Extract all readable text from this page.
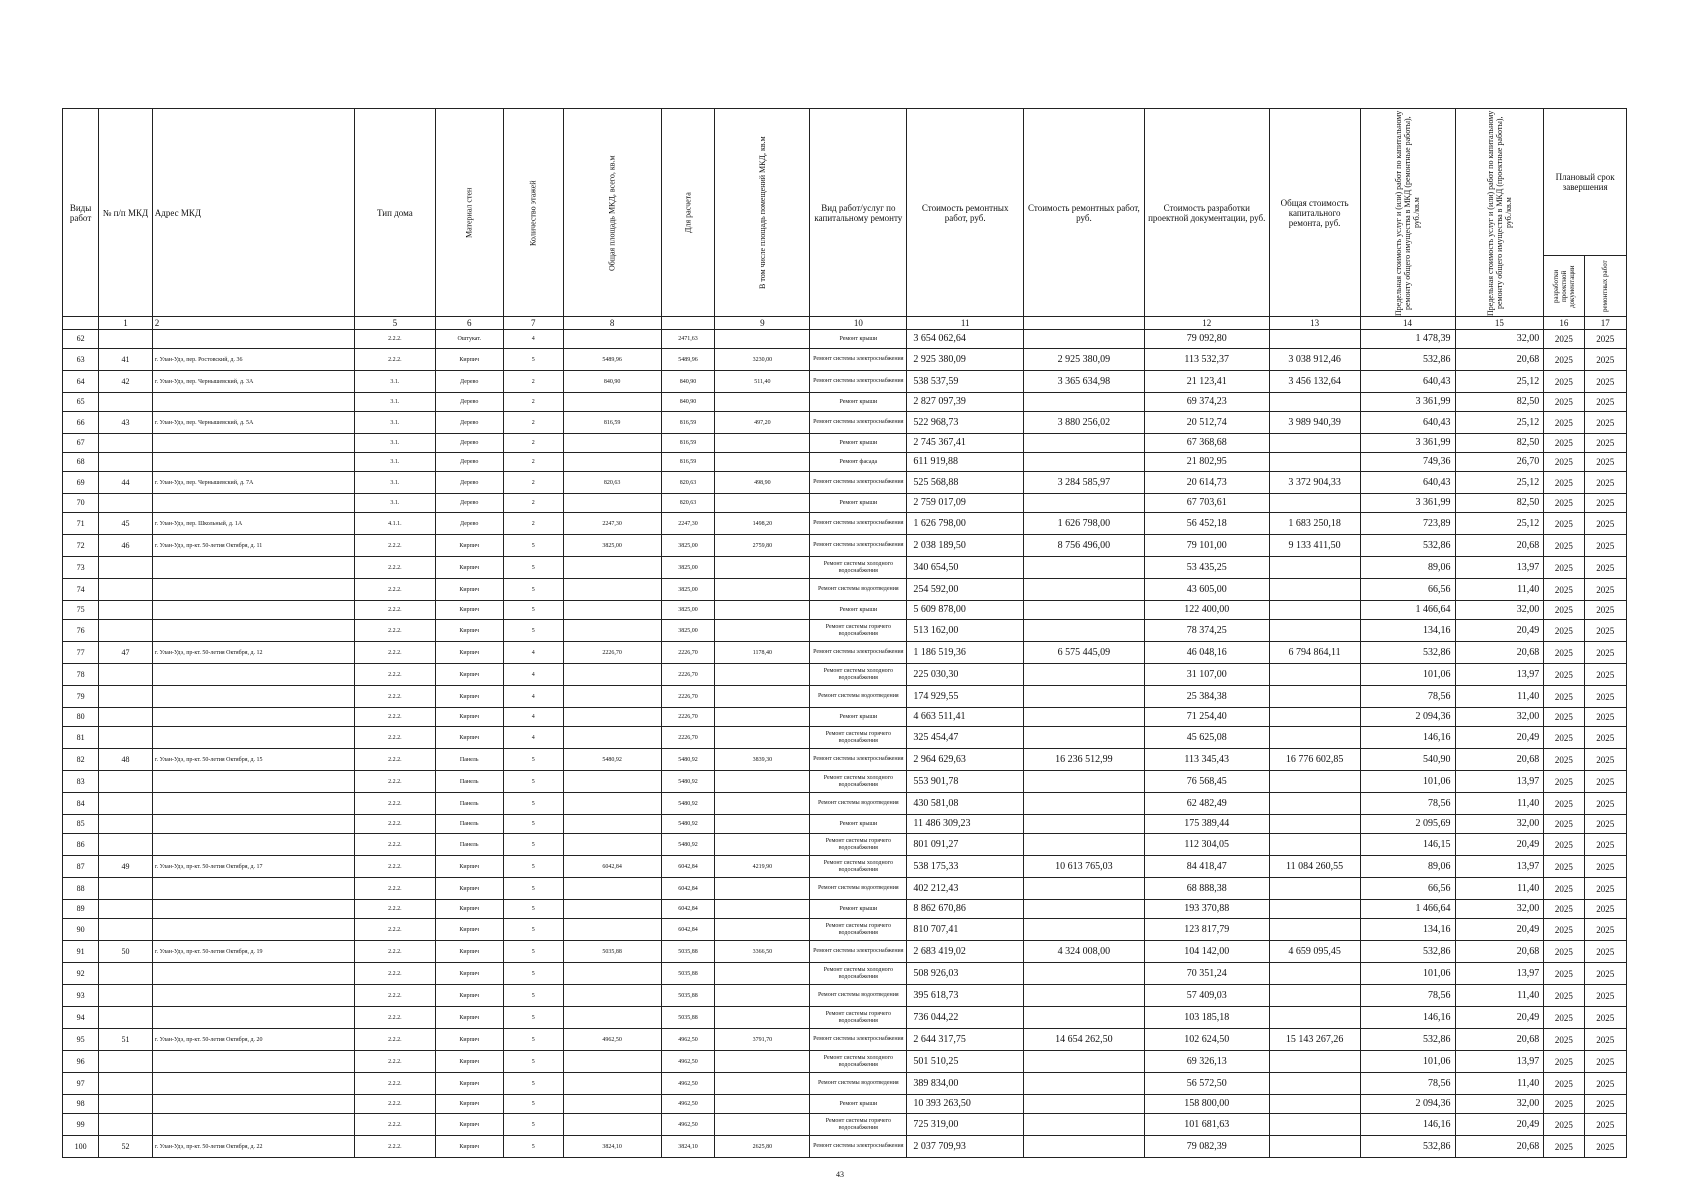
Виды работ	№ п/п МКД	Адрес МКД	Тип дома	Материал стен	Количество этажей	Общая площадь МКД, всего, кв.м	Для расчета	В том числе площадь помещений МКД, кв.м	Вид работ/услуг по капитальному ремонту	Стоимость ремонтных работ, руб.	Стоимость ремонтных работ, руб.	Стоимость разработки проектной документации, руб.	Общая стоимость капитального ремонта, руб.	Предельная стоимость услуг и (или) работ по капитальному ремонту общего имущества в МКД (ремонтные работы), руб./кв.м	Предельная стоимость услуг и (или) работ по капитальному ремонту общего имущества в МКД (проектные работы), руб./кв.м	Плановый срок завершения	
																разработки проектной документации	ремонтных работ
	1	2	5	6	7	8		9	10	11		12	13	14	15	16	17
62			2.2.2.	Оштукат.	4		2471,63		Ремонт крыши	3 654 062,64		79 092,80		1 478,39	32,00	2025	2025
63	41	г. Улан-Удэ, пер. Ростовский, д. 36	2.2.2.	Кирпич	5	5489,96	5489,96	3230,00	Ремонт системы электроснабжения	2 925 380,09	2 925 380,09	113 532,37	3 038 912,46	532,86	20,68	2025	2025
64	42	г. Улан-Удэ, пер. Чернышевский, д. 3А	3.1.	Дерево	2	840,90	840,90	511,40	Ремонт системы электроснабжения	538 537,59	3 365 634,98	21 123,41	3 456 132,64	640,43	25,12	2025	2025
65			3.1.	Дерево	2		840,90		Ремонт крыши	2 827 097,39		69 374,23		3 361,99	82,50	2025	2025
66	43	г. Улан-Удэ, пер. Чернышевский, д. 5А	3.1.	Дерево	2	816,59	816,59	497,20	Ремонт системы электроснабжения	522 968,73	3 880 256,02	20 512,74	3 989 940,39	640,43	25,12	2025	2025
67			3.1.	Дерево	2		816,59		Ремонт крыши	2 745 367,41		67 368,68		3 361,99	82,50	2025	2025
68			3.1.	Дерево	2		816,59		Ремонт фасада	611 919,88		21 802,95		749,36	26,70	2025	2025
69	44	г. Улан-Удэ, пер. Чернышевский, д. 7А	3.1.	Дерево	2	820,63	820,63	498,90	Ремонт системы электроснабжения	525 568,88	3 284 585,97	20 614,73	3 372 904,33	640,43	25,12	2025	2025
70			3.1.	Дерево	2		820,63		Ремонт крыши	2 759 017,09		67 703,61		3 361,99	82,50	2025	2025
71	45	г. Улан-Удэ, пер. Школьный, д. 1А	4.1.1.	Дерево	2	2247,30	2247,30	1498,20	Ремонт системы электроснабжения	1 626 798,00	1 626 798,00	56 452,18	1 683 250,18	723,89	25,12	2025	2025
72	46	г. Улан-Удэ, пр-кт. 50-летия Октября, д. 11	2.2.2.	Кирпич	5	3825,00	3825,00	2759,80	Ремонт системы электроснабжения	2 038 189,50	8 756 496,00	79 101,00	9 133 411,50	532,86	20,68	2025	2025
73			2.2.2.	Кирпич	5		3825,00		Ремонт системы холодного водоснабжения	340 654,50		53 435,25		89,06	13,97	2025	2025
74			2.2.2.	Кирпич	5		3825,00		Ремонт системы водоотведения	254 592,00		43 605,00		66,56	11,40	2025	2025
75			2.2.2.	Кирпич	5		3825,00		Ремонт крыши	5 609 878,00		122 400,00		1 466,64	32,00	2025	2025
76			2.2.2.	Кирпич	5		3825,00		Ремонт системы горячего водоснабжения	513 162,00		78 374,25		134,16	20,49	2025	2025
77	47	г. Улан-Удэ, пр-кт. 50-летия Октября, д. 12	2.2.2.	Кирпич	4	2226,70	2226,70	1178,40	Ремонт системы электроснабжения	1 186 519,36	6 575 445,09	46 048,16	6 794 864,11	532,86	20,68	2025	2025
78			2.2.2.	Кирпич	4		2226,70		Ремонт системы холодного водоснабжения	225 030,30		31 107,00		101,06	13,97	2025	2025
79			2.2.2.	Кирпич	4		2226,70		Ремонт системы водоотведения	174 929,55		25 384,38		78,56	11,40	2025	2025
80			2.2.2.	Кирпич	4		2226,70		Ремонт крыши	4 663 511,41		71 254,40		2 094,36	32,00	2025	2025
81			2.2.2.	Кирпич	4		2226,70		Ремонт системы горячего водоснабжения	325 454,47		45 625,08		146,16	20,49	2025	2025
82	48	г. Улан-Удэ, пр-кт. 50-летия Октября, д. 15	2.2.2.	Панель	5	5480,92	5480,92	3839,30	Ремонт системы электроснабжения	2 964 629,63	16 236 512,99	113 345,43	16 776 602,85	540,90	20,68	2025	2025
83			2.2.2.	Панель	5		5480,92		Ремонт системы холодного водоснабжения	553 901,78		76 568,45		101,06	13,97	2025	2025
84			2.2.2.	Панель	5		5480,92		Ремонт системы водоотведения	430 581,08		62 482,49		78,56	11,40	2025	2025
85			2.2.2.	Панель	5		5480,92		Ремонт крыши	11 486 309,23		175 389,44		2 095,69	32,00	2025	2025
86			2.2.2.	Панель	5		5480,92		Ремонт системы горячего водоснабжения	801 091,27		112 304,05		146,15	20,49	2025	2025
87	49	г. Улан-Удэ, пр-кт. 50-летия Октября, д. 17	2.2.2.	Кирпич	5	6042,84	6042,84	4219,90	Ремонт системы холодного водоснабжения	538 175,33	10 613 765,03	84 418,47	11 084 260,55	89,06	13,97	2025	2025
88			2.2.2.	Кирпич	5		6042,84		Ремонт системы водоотведения	402 212,43		68 888,38		66,56	11,40	2025	2025
89			2.2.2.	Кирпич	5		6042,84		Ремонт крыши	8 862 670,86		193 370,88		1 466,64	32,00	2025	2025
90			2.2.2.	Кирпич	5		6042,84		Ремонт системы горячего водоснабжения	810 707,41		123 817,79		134,16	20,49	2025	2025
91	50	г. Улан-Удэ, пр-кт. 50-летия Октября, д. 19	2.2.2.	Кирпич	5	5035,88	5035,88	3366,50	Ремонт системы электроснабжения	2 683 419,02	4 324 008,00	104 142,00	4 659 095,45	532,86	20,68	2025	2025
92			2.2.2.	Кирпич	5		5035,88		Ремонт системы холодного водоснабжения	508 926,03		70 351,24		101,06	13,97	2025	2025
93			2.2.2.	Кирпич	5		5035,88		Ремонт системы водоотведения	395 618,73		57 409,03		78,56	11,40	2025	2025
94			2.2.2.	Кирпич	5		5035,88		Ремонт системы горячего водоснабжения	736 044,22		103 185,18		146,16	20,49	2025	2025
95	51	г. Улан-Удэ, пр-кт. 50-летия Октября, д. 20	2.2.2.	Кирпич	5	4962,50	4962,50	3791,70	Ремонт системы электроснабжения	2 644 317,75	14 654 262,50	102 624,50	15 143 267,26	532,86	20,68	2025	2025
96			2.2.2.	Кирпич	5		4962,50		Ремонт системы холодного водоснабжения	501 510,25		69 326,13		101,06	13,97	2025	2025
97			2.2.2.	Кирпич	5		4962,50		Ремонт системы водоотведения	389 834,00		56 572,50		78,56	11,40	2025	2025
98			2.2.2.	Кирпич	5		4962,50		Ремонт крыши	10 393 263,50		158 800,00		2 094,36	32,00	2025	2025
99			2.2.2.	Кирпич	5		4962,50		Ремонт системы горячего водоснабжения	725 319,00		101 681,63		146,16	20,49	2025	2025
100	52	г. Улан-Удэ, пр-кт. 50-летия Октября, д. 22	2.2.2.	Кирпич	5	3824,10	3824,10	2625,80	Ремонт системы электроснабжения	2 037 709,93		79 082,39		532,86	20,68	2025	2025
43
